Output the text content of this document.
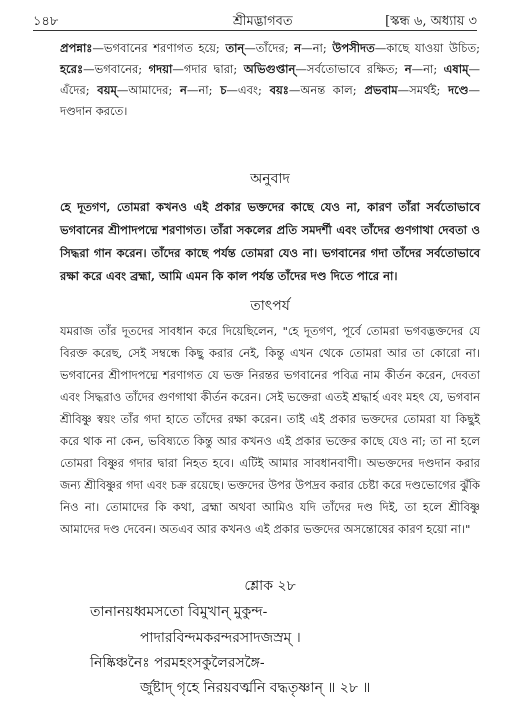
১৪৮	শ্রীমদ্ভাগবত	[স্কন্ধ ৬, অধ্যায় ৩

প্রপন্নাঃ—ভগবানের শরণাগত হয়ে; তান্—তাঁদের; ন—না; উপসীদত—কাছে যাওয়া উচিত; হরেঃ—ভগবানের; গদয়া—গদার দ্বারা; অভিগুপ্তান্—সর্বতোভাবে রক্ষিত; ন—না; এষাম্—এঁদের; বয়ম্—আমাদের; ন—না; চ—এবং; বয়ঃ—অনন্ত কাল; প্রভবাম—সমর্থই; দণ্ডে—দণ্ডদান করতে।

অনুবাদ

হে দূতগণ, তোমরা কখনও এই প্রকার ভক্তদের কাছে যেও না, কারণ তাঁরা সর্বতোভাবে ভগবানের শ্রীপাদপদ্মে শরণাগত। তাঁরা সকলের প্রতি সমদর্শী এবং তাঁদের গুণগাথা দেবতা ও সিদ্ধরা গান করেন। তাঁদের কাছে পর্যন্ত তোমরা যেও না। ভগবানের গদা তাঁদের সর্বতোভাবে রক্ষা করে এবং ব্রহ্মা, আমি এমন কি কাল পর্যন্ত তাঁদের দণ্ড দিতে পারে না।

তাৎপর্য

যমরাজ তাঁর দূতদের সাবধান করে দিয়েছিলেন, "হে দূতগণ, পূর্বে তোমরা ভগবদ্ভক্তদের যে বিরক্ত করেছ, সেই সম্বন্ধে কিছু করার নেই, কিন্তু এখন থেকে তোমরা আর তা কোরো না। ভগবানের শ্রীপাদপদ্মে শরণাগত যে ভক্ত নিরন্তর ভগবানের পবিত্র নাম কীর্তন করেন, দেবতা এবং সিদ্ধরাও তাঁদের গুণগাথা কীর্তন করেন। সেই ভক্তেরা এতই শ্রদ্ধার্হ এবং মহৎ যে, ভগবান শ্রীবিষ্ণু স্বয়ং তাঁর গদা হাতে তাঁদের রক্ষা করেন। তাই এই প্রকার ভক্তদের তোমরা যা কিছুই করে থাক না কেন, ভবিষ্যতে কিন্তু আর কখনও এই প্রকার ভক্তের কাছে যেও না; তা না হলে তোমরা বিষ্ণুর গদার দ্বারা নিহত হবে। এটিই আমার সাবধানবাণী। অভক্তদের দণ্ডদান করার জন্য শ্রীবিষ্ণুর গদা এবং চক্র রয়েছে। ভক্তদের উপর উপদ্রব করার চেষ্টা করে দণ্ডভোগের ঝুঁকি নিও না। তোমাদের কি কথা, ব্রহ্মা অথবা আমিও যদি তাঁদের দণ্ড দিই, তা হলে শ্রীবিষ্ণু আমাদের দণ্ড দেবেন। অতএব আর কখনও এই প্রকার ভক্তদের অসন্তোষের কারণ হয়ো না।"

শ্লোক ২৮
তানানয়ধ্বমসতো বিমুখান্ মুকুন্দ-
পাদারবিন্দমকরন্দরসাদজস্রম্ ।
নিষ্কিঞ্চনৈঃ পরমহংসকুলৈরসঙ্গৈ-
র্জুষ্টাদ্ গৃহে নিরয়বর্ত্মনি বদ্ধতৃষ্ণান্ ॥ ২৮ ॥
